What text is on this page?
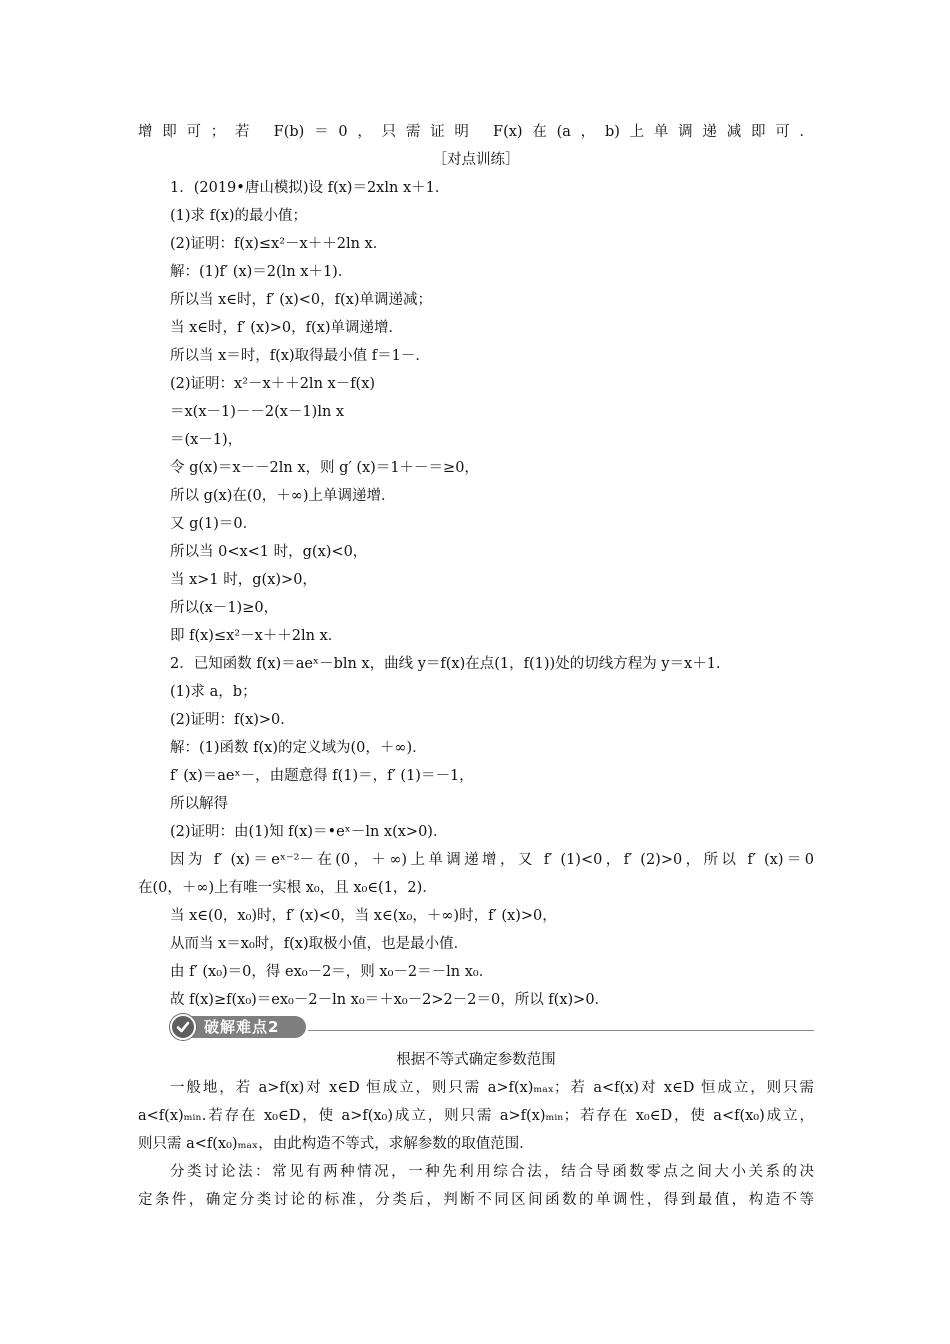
增即可；若 F(b)＝0，只需证明 F(x)在(a，b)上单调递减即可．
［对点训练］
1．(2019•唐山模拟)设 f(x)＝2xln x＋1．
(1)求 f(x)的最小值；
(2)证明：f(x)≤x²－x＋＋2ln x．
解：(1)f′ (x)＝2(ln x＋1)．
所以当 x∈时，f′ (x)<0，f(x)单调递减；
当 x∈时，f′ (x)>0，f(x)单调递增．
所以当 x＝时，f(x)取得最小值 f＝1－．
(2)证明：x²－x＋＋2ln x－f(x)
＝x(x－1)－－2(x－1)ln x
＝(x－1)，
令 g(x)＝x－－2ln x，则 g′ (x)＝1＋－＝≥0，
所以 g(x)在(0，＋∞)上单调递增．
又 g(1)＝0．
所以当 0<x<1 时，g(x)<0，
当 x>1 时，g(x)>0，
所以(x－1)≥0，
即 f(x)≤x²－x＋＋2ln x．
2．已知函数 f(x)＝aeˣ－bln x，曲线 y＝f(x)在点(1，f(1))处的切线方程为 y＝x＋1．
(1)求 a，b；
(2)证明：f(x)>0．
解：(1)函数 f(x)的定义域为(0，＋∞)．
f′ (x)＝aeˣ－，由题意得 f(1)＝，f′ (1)＝－1，
所以解得
(2)证明：由(1)知 f(x)＝•eˣ－ln x(x>0)．
因为 f′ (x)＝eˣ⁻²－在(0，＋∞)上单调递增，又 f′ (1)<0，f′ (2)>0，所以 f′ (x)＝0
在(0，＋∞)上有唯一实根 x₀，且 x₀∈(1，2)．
当 x∈(0，x₀)时，f′ (x)<0，当 x∈(x₀，＋∞)时，f′ (x)>0，
从而当 x＝x₀时，f(x)取极小值，也是最小值．
由 f′ (x₀)＝0，得 ex₀－2＝，则 x₀－2＝－ln x₀．
故 f(x)≥f(x₀)＝ex₀－2－ln x₀＝＋x₀－2>2－2＝0，所以 f(x)>0．
破解难点2
根据不等式确定参数范围
一般地，若 a>f(x)对 x∈D 恒成立，则只需 a>f(x)ₘₐₓ；若 a<f(x)对 x∈D 恒成立，则只需
a<f(x)ₘᵢₙ.若存在 x₀∈D，使 a>f(x₀)成立，则只需 a>f(x)ₘᵢₙ；若存在 x₀∈D，使 a<f(x₀)成立，
则只需 a<f(x₀)ₘₐₓ，由此构造不等式，求解参数的取值范围．
分类讨论法：常见有两种情况，一种先利用综合法，结合导函数零点之间大小关系的决
定条件，确定分类讨论的标准，分类后，判断不同区间函数的单调性，得到最值，构造不等
